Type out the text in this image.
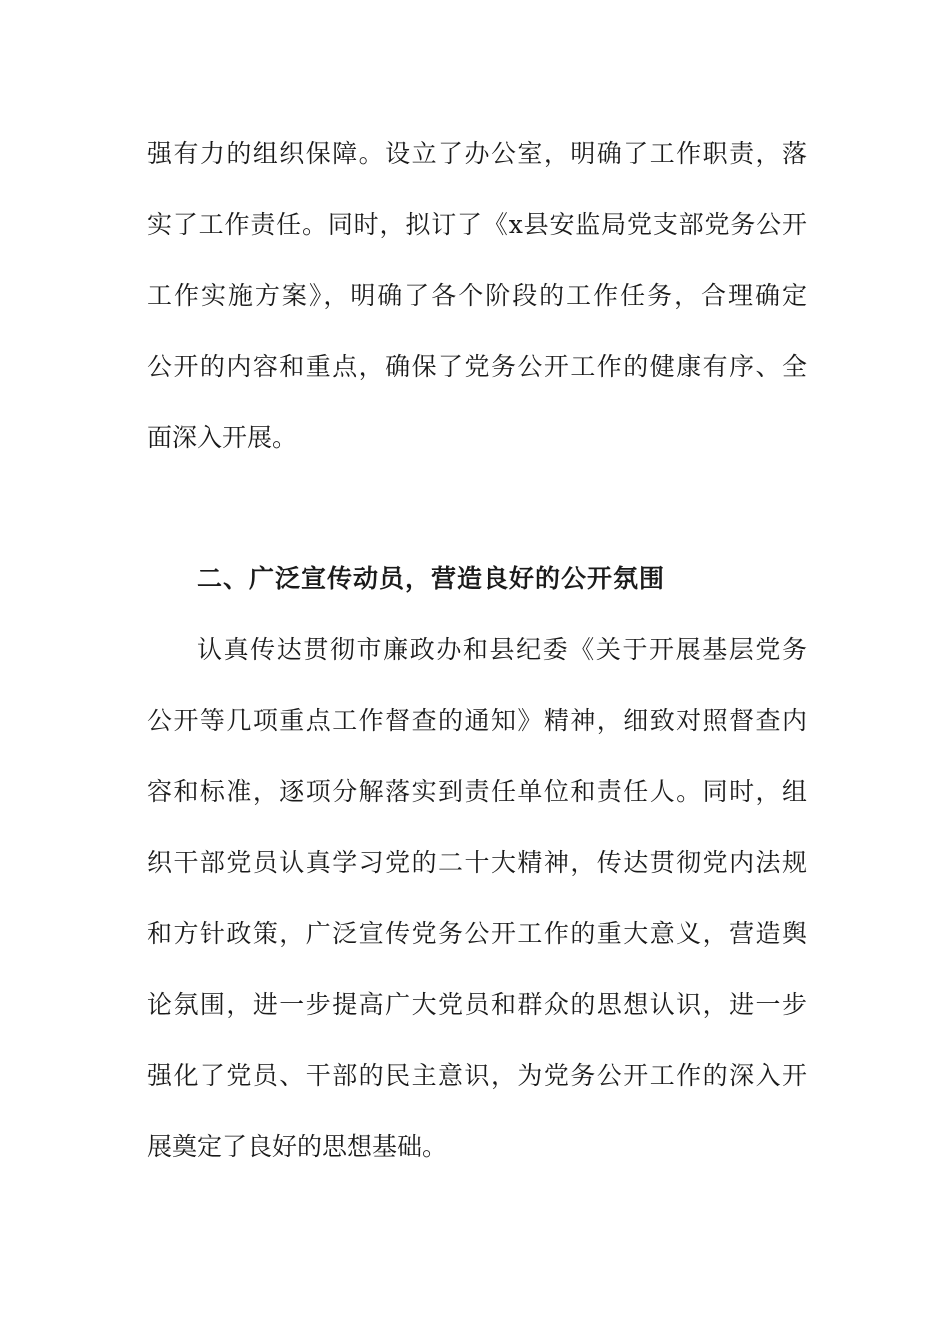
强有力的组织保障。设立了办公室，明确了工作职责，落
实了工作责任。同时，拟订了《x县安监局党支部党务公开
工作实施方案》，明确了各个阶段的工作任务，合理确定
公开的内容和重点，确保了党务公开工作的健康有序、全
面深入开展。
二、广泛宣传动员，营造良好的公开氛围
认真传达贯彻市廉政办和县纪委《关于开展基层党务
公开等几项重点工作督查的通知》精神，细致对照督查内
容和标准，逐项分解落实到责任单位和责任人。同时，组
织干部党员认真学习党的二十大精神，传达贯彻党内法规
和方针政策，广泛宣传党务公开工作的重大意义，营造舆
论氛围，进一步提高广大党员和群众的思想认识，进一步
强化了党员、干部的民主意识，为党务公开工作的深入开
展奠定了良好的思想基础。
